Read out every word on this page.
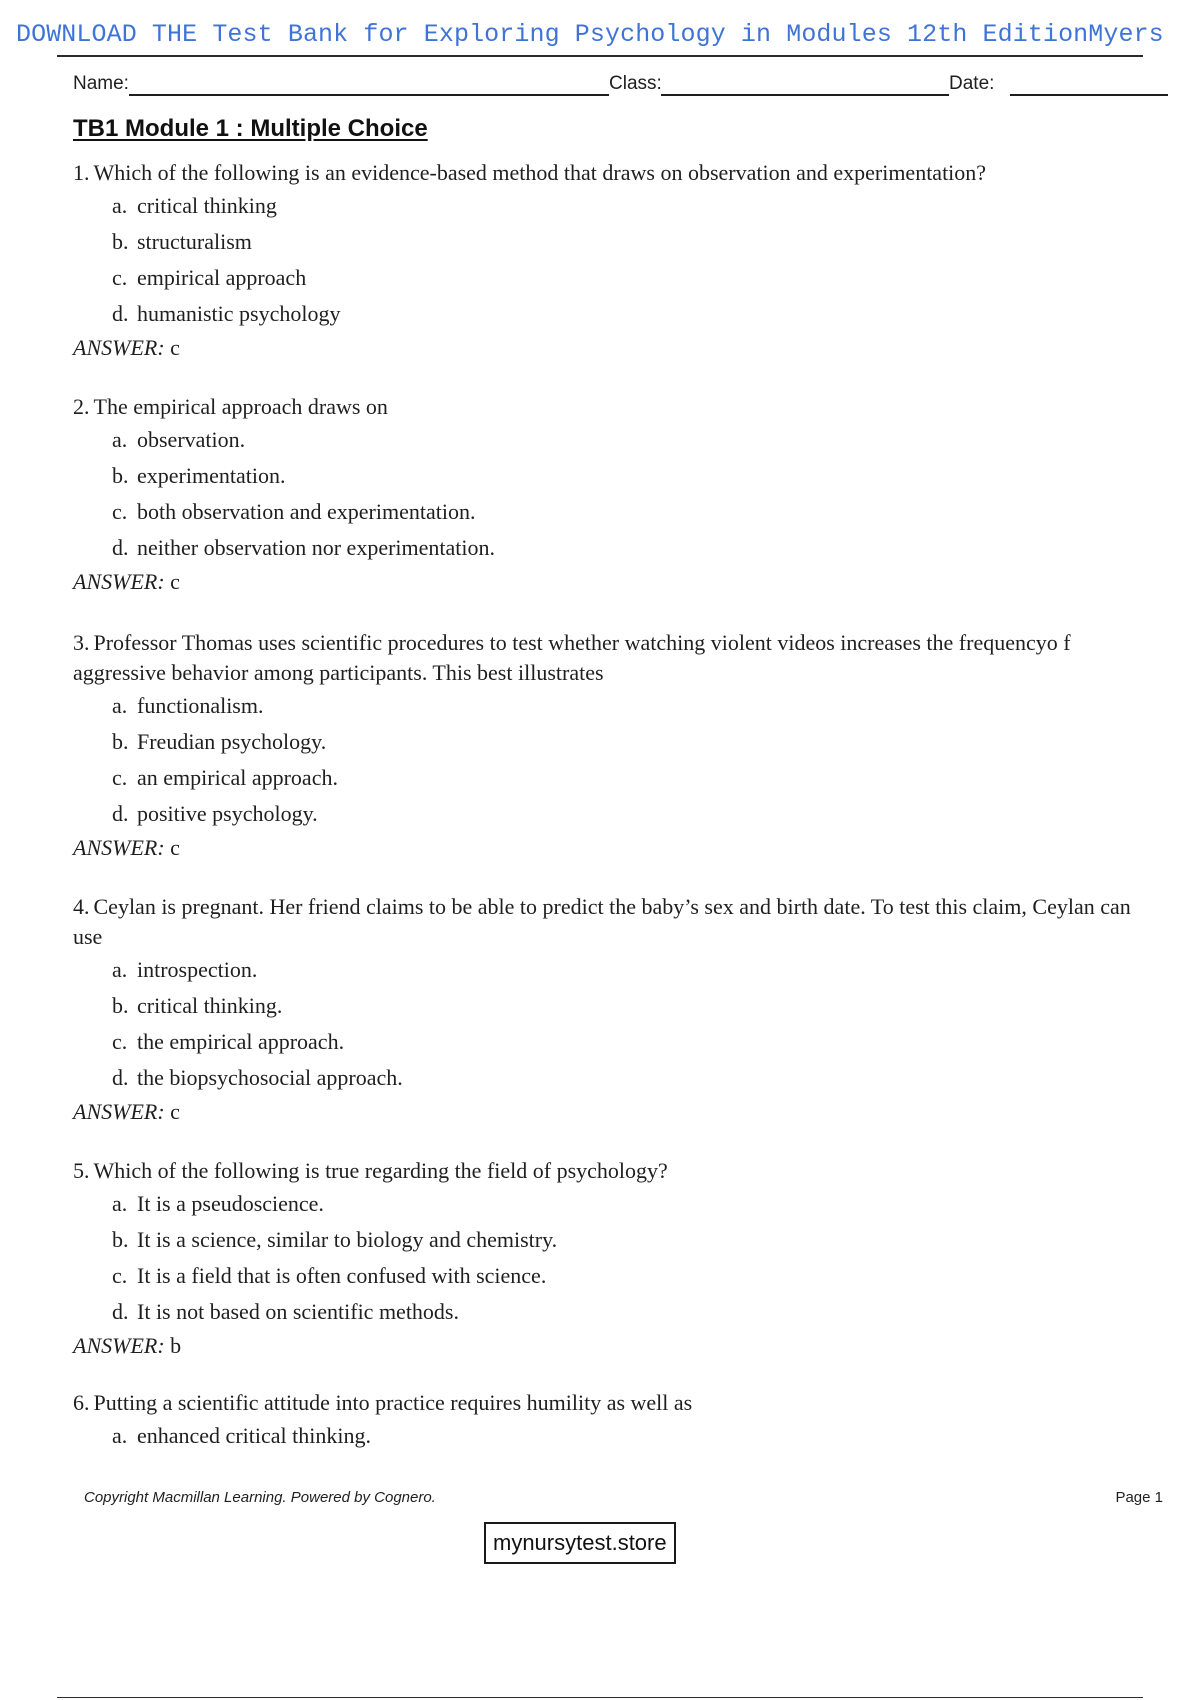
DOWNLOAD THE Test Bank for Exploring Psychology in Modules 12th EditionMyers
Name:	Class:	Date:
TB1 Module 1 : Multiple Choice

1. Which of the following is an evidence-based method that draws on observation and experimentation?

a. critical thinking
b. structuralism
c. empirical approach
d. humanistic psychology
ANSWER: c

2. The empirical approach draws on

a. observation.
b. experimentation.
c. both observation and experimentation.
d. neither observation nor experimentation.
ANSWER: c

3. Professor Thomas uses scientific procedures to test whether watching violent videos increases the frequencyo f aggressive behavior among participants. This best illustrates

a. functionalism.
b. Freudian psychology.
c. an empirical approach.
d. positive psychology.
ANSWER: c

4. Ceylan is pregnant. Her friend claims to be able to predict the baby’s sex and birth date. To test this claim, Ceylan can use

a. introspection.
b. critical thinking.
c. the empirical approach.
d. the biopsychosocial approach.
ANSWER: c

5. Which of the following is true regarding the field of psychology?

a. It is a pseudoscience.
b. It is a science, similar to biology and chemistry.
c. It is a field that is often confused with science.
d. It is not based on scientific methods.
ANSWER: b

6. Putting a scientific attitude into practice requires humility as well as

a. enhanced critical thinking.
Copyright Macmillan Learning. Powered by Cognero.	Page 1
mynursytest.store
